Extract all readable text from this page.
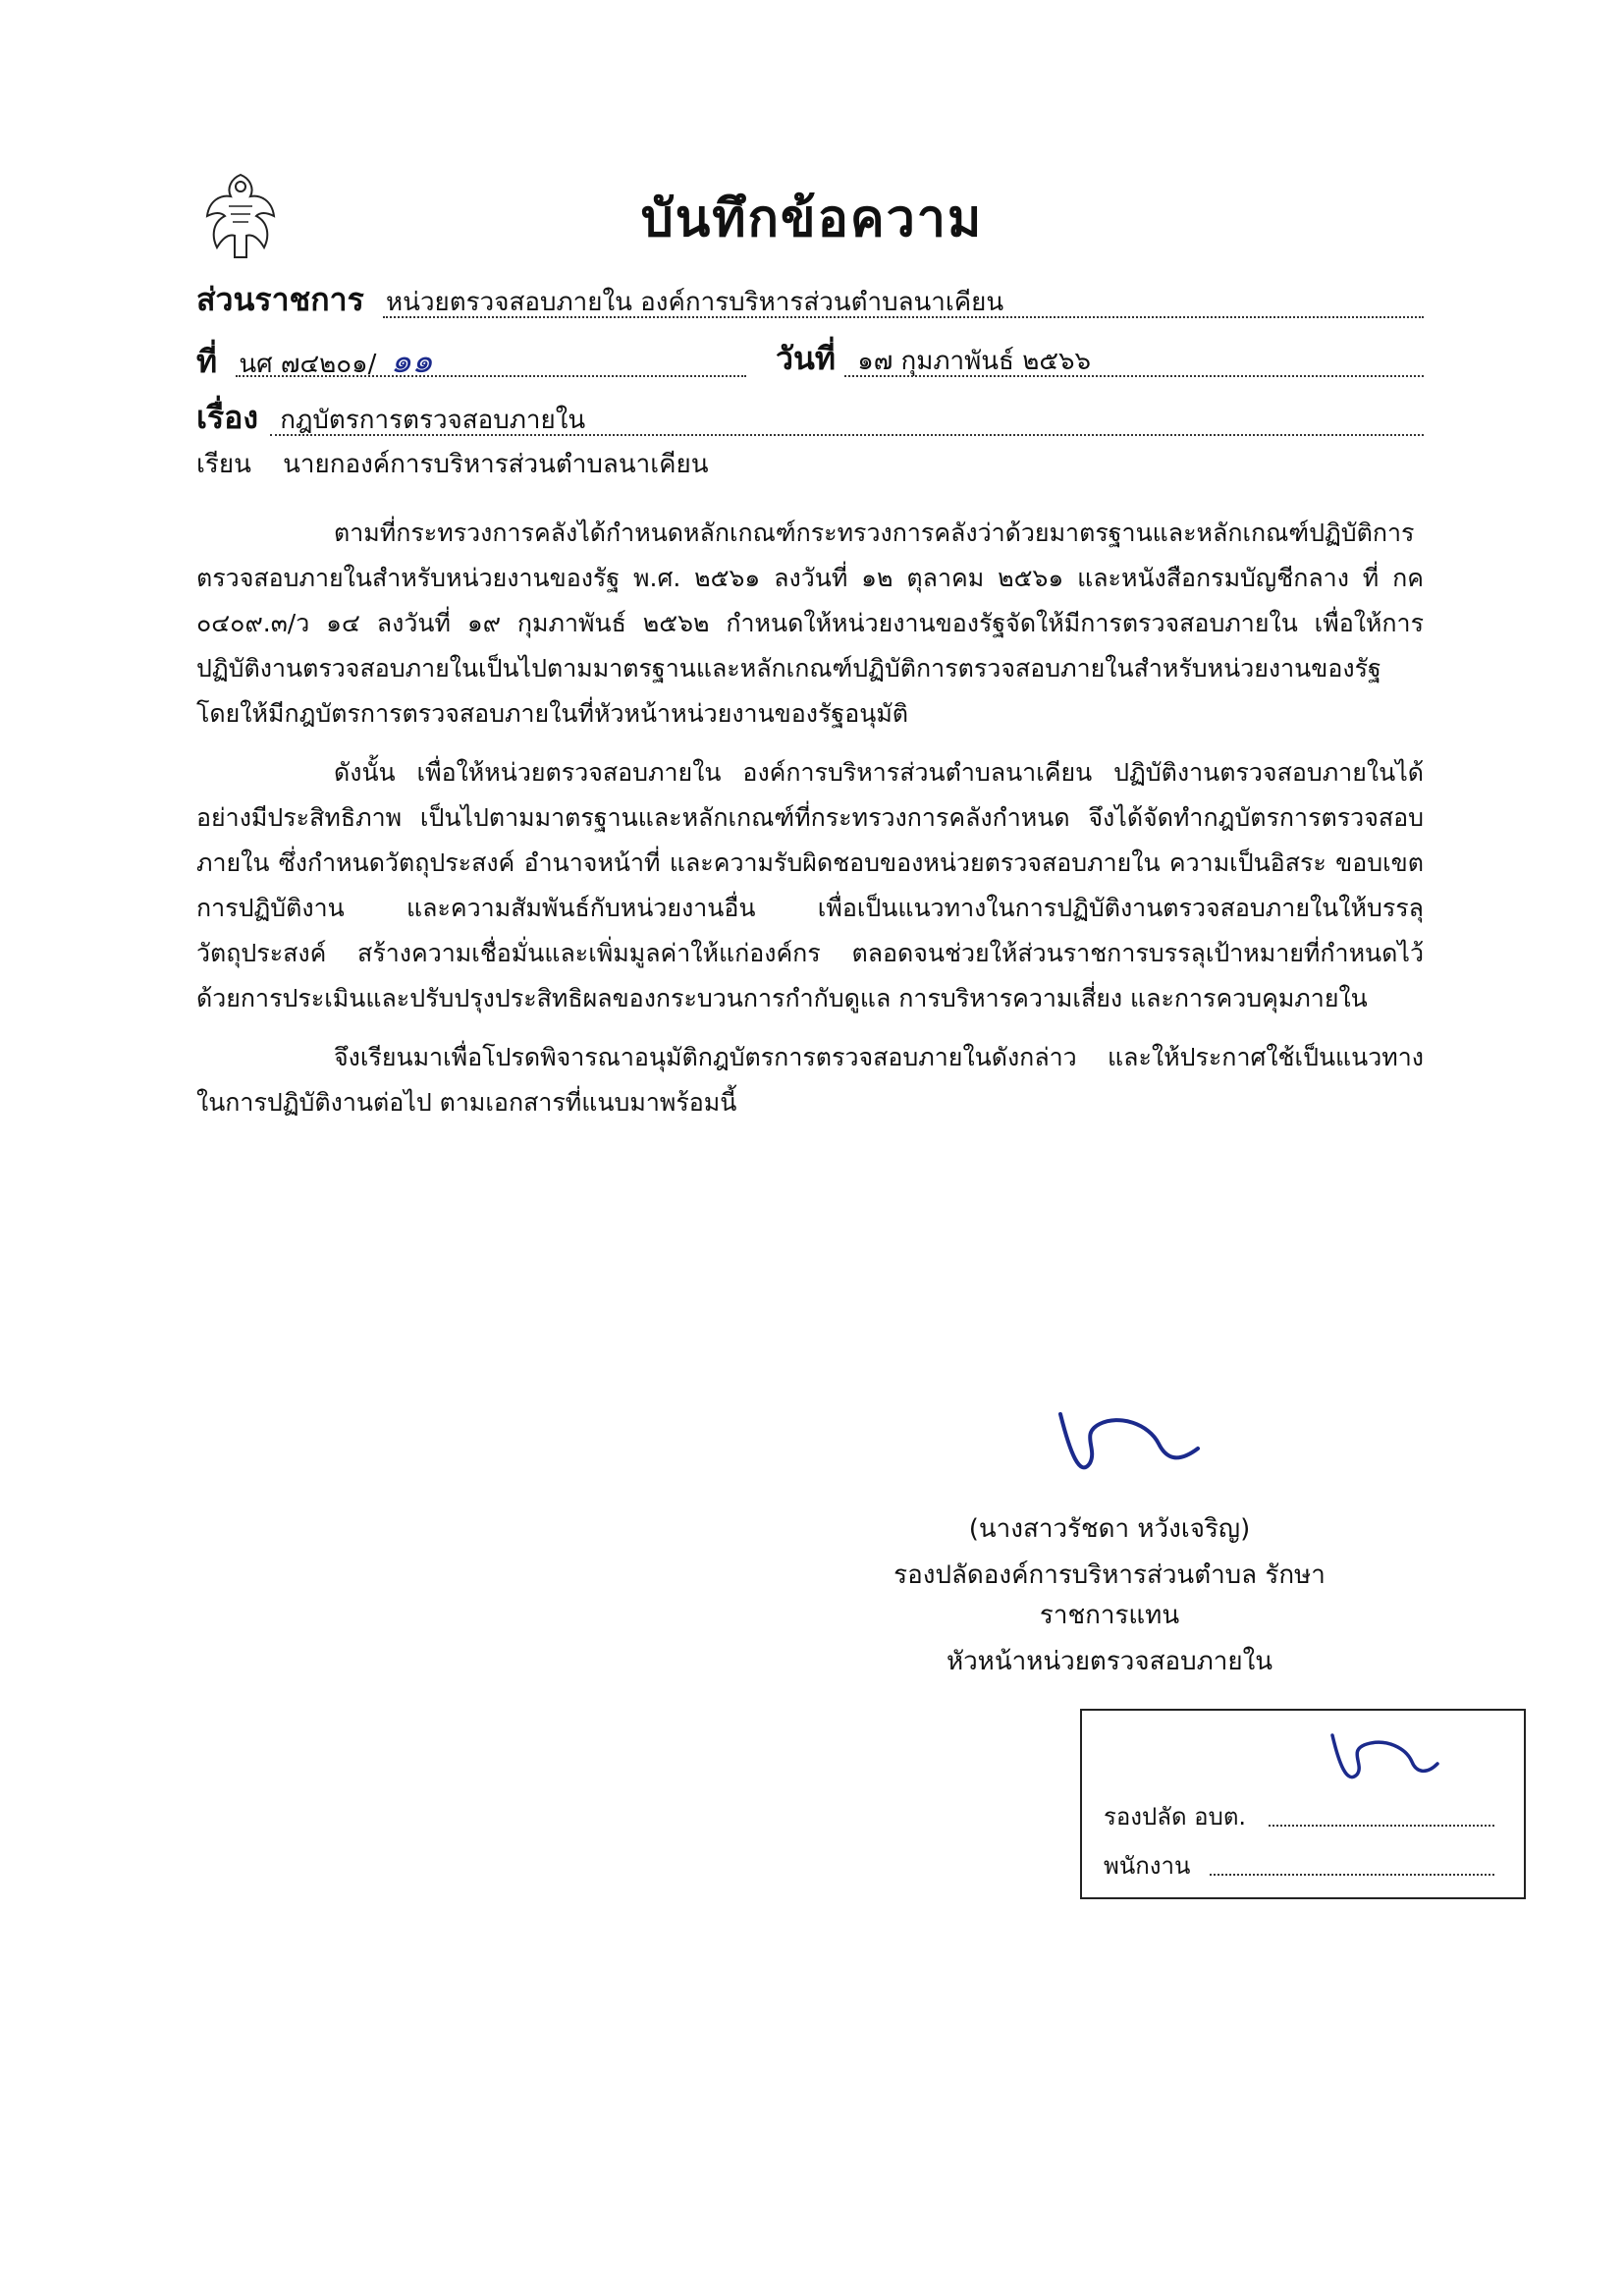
บันทึกข้อความ
ส่วนราชการ หน่วยตรวจสอบภายใน องค์การบริหารส่วนตำบลนาเคียน
ที่ นศ ๗๔๒๐๑/ ๑๑	วันที่ ๑๗ กุมภาพันธ์ ๒๕๖๖
เรื่อง กฎบัตรการตรวจสอบภายใน
เรียน นายกองค์การบริหารส่วนตำบลนาเคียน

ตามที่กระทรวงการคลังได้กำหนดหลักเกณฑ์กระทรวงการคลังว่าด้วยมาตรฐานและหลักเกณฑ์ปฏิบัติการตรวจสอบภายในสำหรับหน่วยงานของรัฐ พ.ศ. ๒๕๖๑ ลงวันที่ ๑๒ ตุลาคม ๒๕๖๑ และหนังสือกรมบัญชีกลาง ที่ กค ๐๔๐๙.๓/ว ๑๔ ลงวันที่ ๑๙ กุมภาพันธ์ ๒๕๖๒ กำหนดให้หน่วยงานของรัฐจัดให้มีการตรวจสอบภายใน เพื่อให้การปฏิบัติงานตรวจสอบภายในเป็นไปตามมาตรฐานและหลักเกณฑ์ปฏิบัติการตรวจสอบภายในสำหรับหน่วยงานของรัฐ โดยให้มีกฎบัตรการตรวจสอบภายในที่หัวหน้าหน่วยงานของรัฐอนุมัติ

ดังนั้น เพื่อให้หน่วยตรวจสอบภายใน องค์การบริหารส่วนตำบลนาเคียน ปฏิบัติงานตรวจสอบภายในได้อย่างมีประสิทธิภาพ เป็นไปตามมาตรฐานและหลักเกณฑ์ที่กระทรวงการคลังกำหนด จึงได้จัดทำกฎบัตรการตรวจสอบภายใน ซึ่งกำหนดวัตถุประสงค์ อำนาจหน้าที่ และความรับผิดชอบของหน่วยตรวจสอบภายใน ความเป็นอิสระ ขอบเขตการปฏิบัติงาน และความสัมพันธ์กับหน่วยงานอื่น เพื่อเป็นแนวทางในการปฏิบัติงานตรวจสอบภายในให้บรรลุวัตถุประสงค์ สร้างความเชื่อมั่นและเพิ่มมูลค่าให้แก่องค์กร ตลอดจนช่วยให้ส่วนราชการบรรลุเป้าหมายที่กำหนดไว้ ด้วยการประเมินและปรับปรุงประสิทธิผลของกระบวนการกำกับดูแล การบริหารความเสี่ยง และการควบคุมภายใน

จึงเรียนมาเพื่อโปรดพิจารณาอนุมัติกฎบัตรการตรวจสอบภายในดังกล่าว และให้ประกาศใช้เป็นแนวทางในการปฏิบัติงานต่อไป ตามเอกสารที่แนบมาพร้อมนี้

(นางสาวรัชดา หวังเจริญ)
รองปลัดองค์การบริหารส่วนตำบล รักษาราชการแทน
หัวหน้าหน่วยตรวจสอบภายใน
รองปลัด อบต.
พนักงาน
